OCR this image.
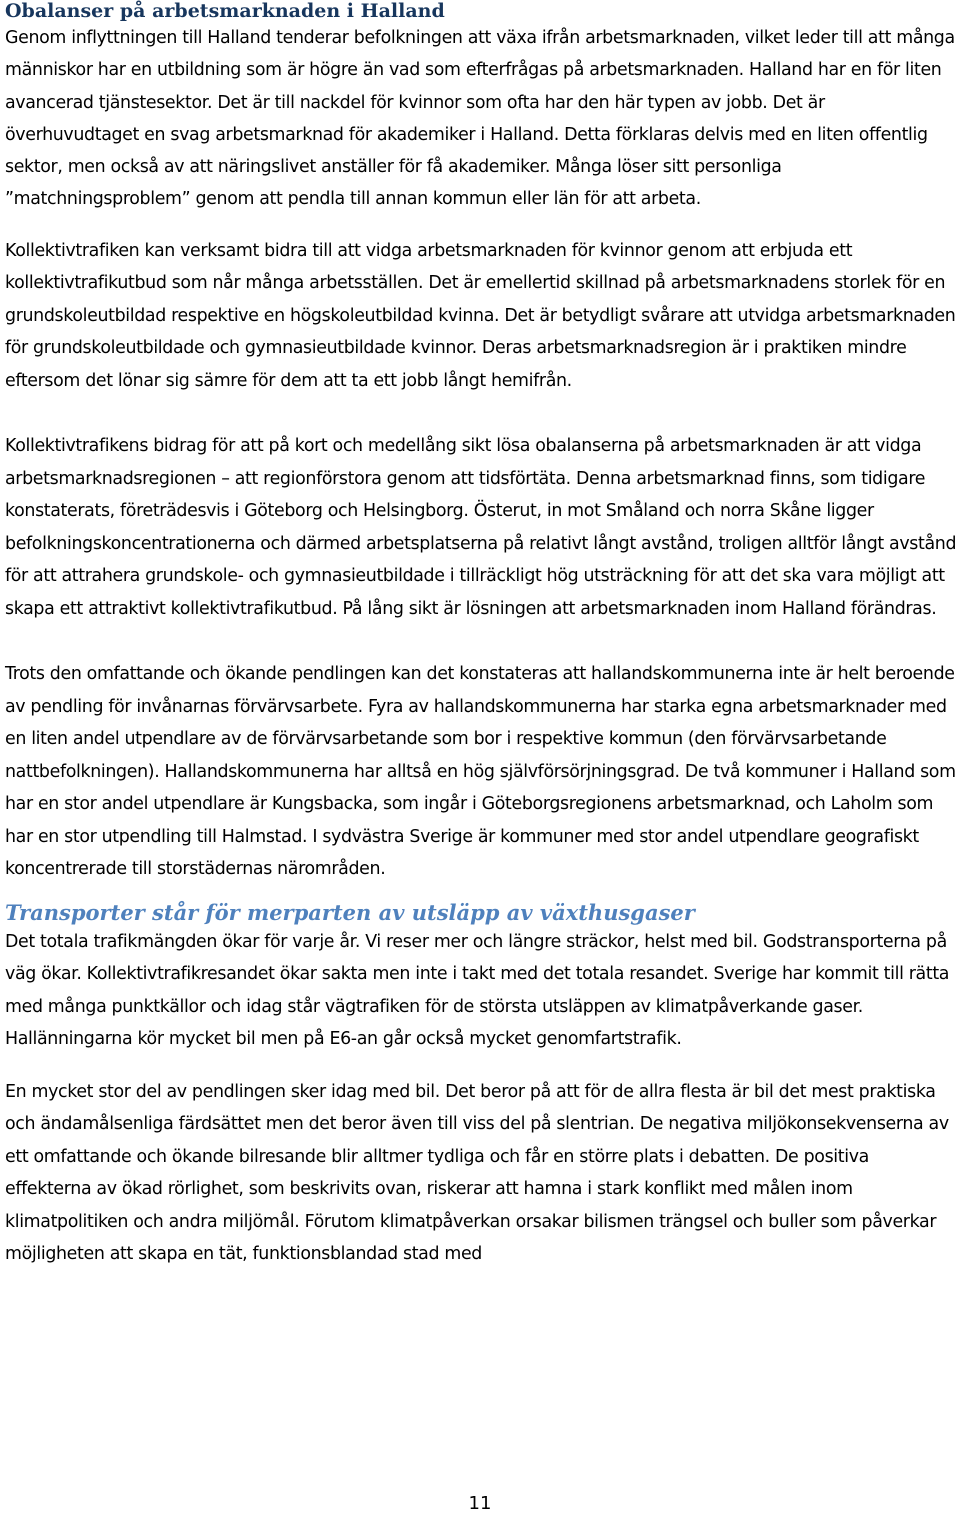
Obalanser på arbetsmarknaden i Halland

Genom inflyttningen till Halland tenderar befolkningen att växa ifrån arbetsmarknaden, vilket leder till att många människor har en utbildning som är högre än vad som efterfrågas på arbetsmarknaden. Halland har en för liten avancerad tjänstesektor. Det är till nackdel för kvinnor som ofta har den här typen av jobb. Det är överhuvudtaget en svag arbetsmarknad för akademiker i Halland. Detta förklaras delvis med en liten offentlig sektor, men också av att näringslivet anställer för få akademiker. Många löser sitt personliga ”matchningsproblem” genom att pendla till annan kommun eller län för att arbeta.

Kollektivtrafiken kan verksamt bidra till att vidga arbetsmarknaden för kvinnor genom att erbjuda ett kollektivtrafikutbud som når många arbetsställen. Det är emellertid skillnad på arbetsmarknadens storlek för en grundskoleutbildad respektive en högskoleutbildad kvinna. Det är betydligt svårare att utvidga arbetsmarknaden för grundskoleutbildade och gymnasieutbildade kvinnor. Deras arbetsmarknadsregion är i praktiken mindre eftersom det lönar sig sämre för dem att ta ett jobb långt hemifrån.

Kollektivtrafikens bidrag för att på kort och medellång sikt lösa obalanserna på arbetsmarknaden är att vidga arbetsmarknadsregionen – att regionförstora genom att tidsförtäta. Denna arbetsmarknad finns, som tidigare konstaterats, företrädesvis i Göteborg och Helsingborg. Österut, in mot Småland och norra Skåne ligger befolkningskoncentrationerna och därmed arbetsplatserna på relativt långt avstånd, troligen alltför långt avstånd för att attrahera grundskole- och gymnasieutbildade i tillräckligt hög utsträckning för att det ska vara möjligt att skapa ett attraktivt kollektivtrafikutbud. På lång sikt är lösningen att arbetsmarknaden inom Halland förändras.

Trots den omfattande och ökande pendlingen kan det konstateras att hallandskommunerna inte är helt beroende av pendling för invånarnas förvärvsarbete. Fyra av hallandskommunerna har starka egna arbetsmarknader med en liten andel utpendlare av de förvärvsarbetande som bor i respektive kommun (den förvärvsarbetande nattbefolkningen). Hallandskommunerna har alltså en hög självförsörjningsgrad. De två kommuner i Halland som har en stor andel utpendlare är Kungsbacka, som ingår i Göteborgsregionens arbetsmarknad, och Laholm som har en stor utpendling till Halmstad. I sydvästra Sverige är kommuner med stor andel utpendlare geografiskt koncentrerade till storstädernas närområden.

Transporter står för merparten av utsläpp av växthusgaser

Det totala trafikmängden ökar för varje år. Vi reser mer och längre sträckor, helst med bil. Godstransporterna på väg ökar. Kollektivtrafikresandet ökar sakta men inte i takt med det totala resandet. Sverige har kommit till rätta med många punktkällor och idag står vägtrafiken för de största utsläppen av klimatpåverkande gaser. Hallänningarna kör mycket bil men på E6-an går också mycket genomfartstrafik.

En mycket stor del av pendlingen sker idag med bil. Det beror på att för de allra flesta är bil det mest praktiska och ändamålsenliga färdsättet men det beror även till viss del på slentrian. De negativa miljökonsekvenserna av ett omfattande och ökande bilresande blir alltmer tydliga och får en större plats i debatten. De positiva effekterna av ökad rörlighet, som beskrivits ovan, riskerar att hamna i stark konflikt med målen inom klimatpolitiken och andra miljömål. Förutom klimatpåverkan orsakar bilismen trängsel och buller som påverkar möjligheten att skapa en tät, funktionsblandad stad med

11
